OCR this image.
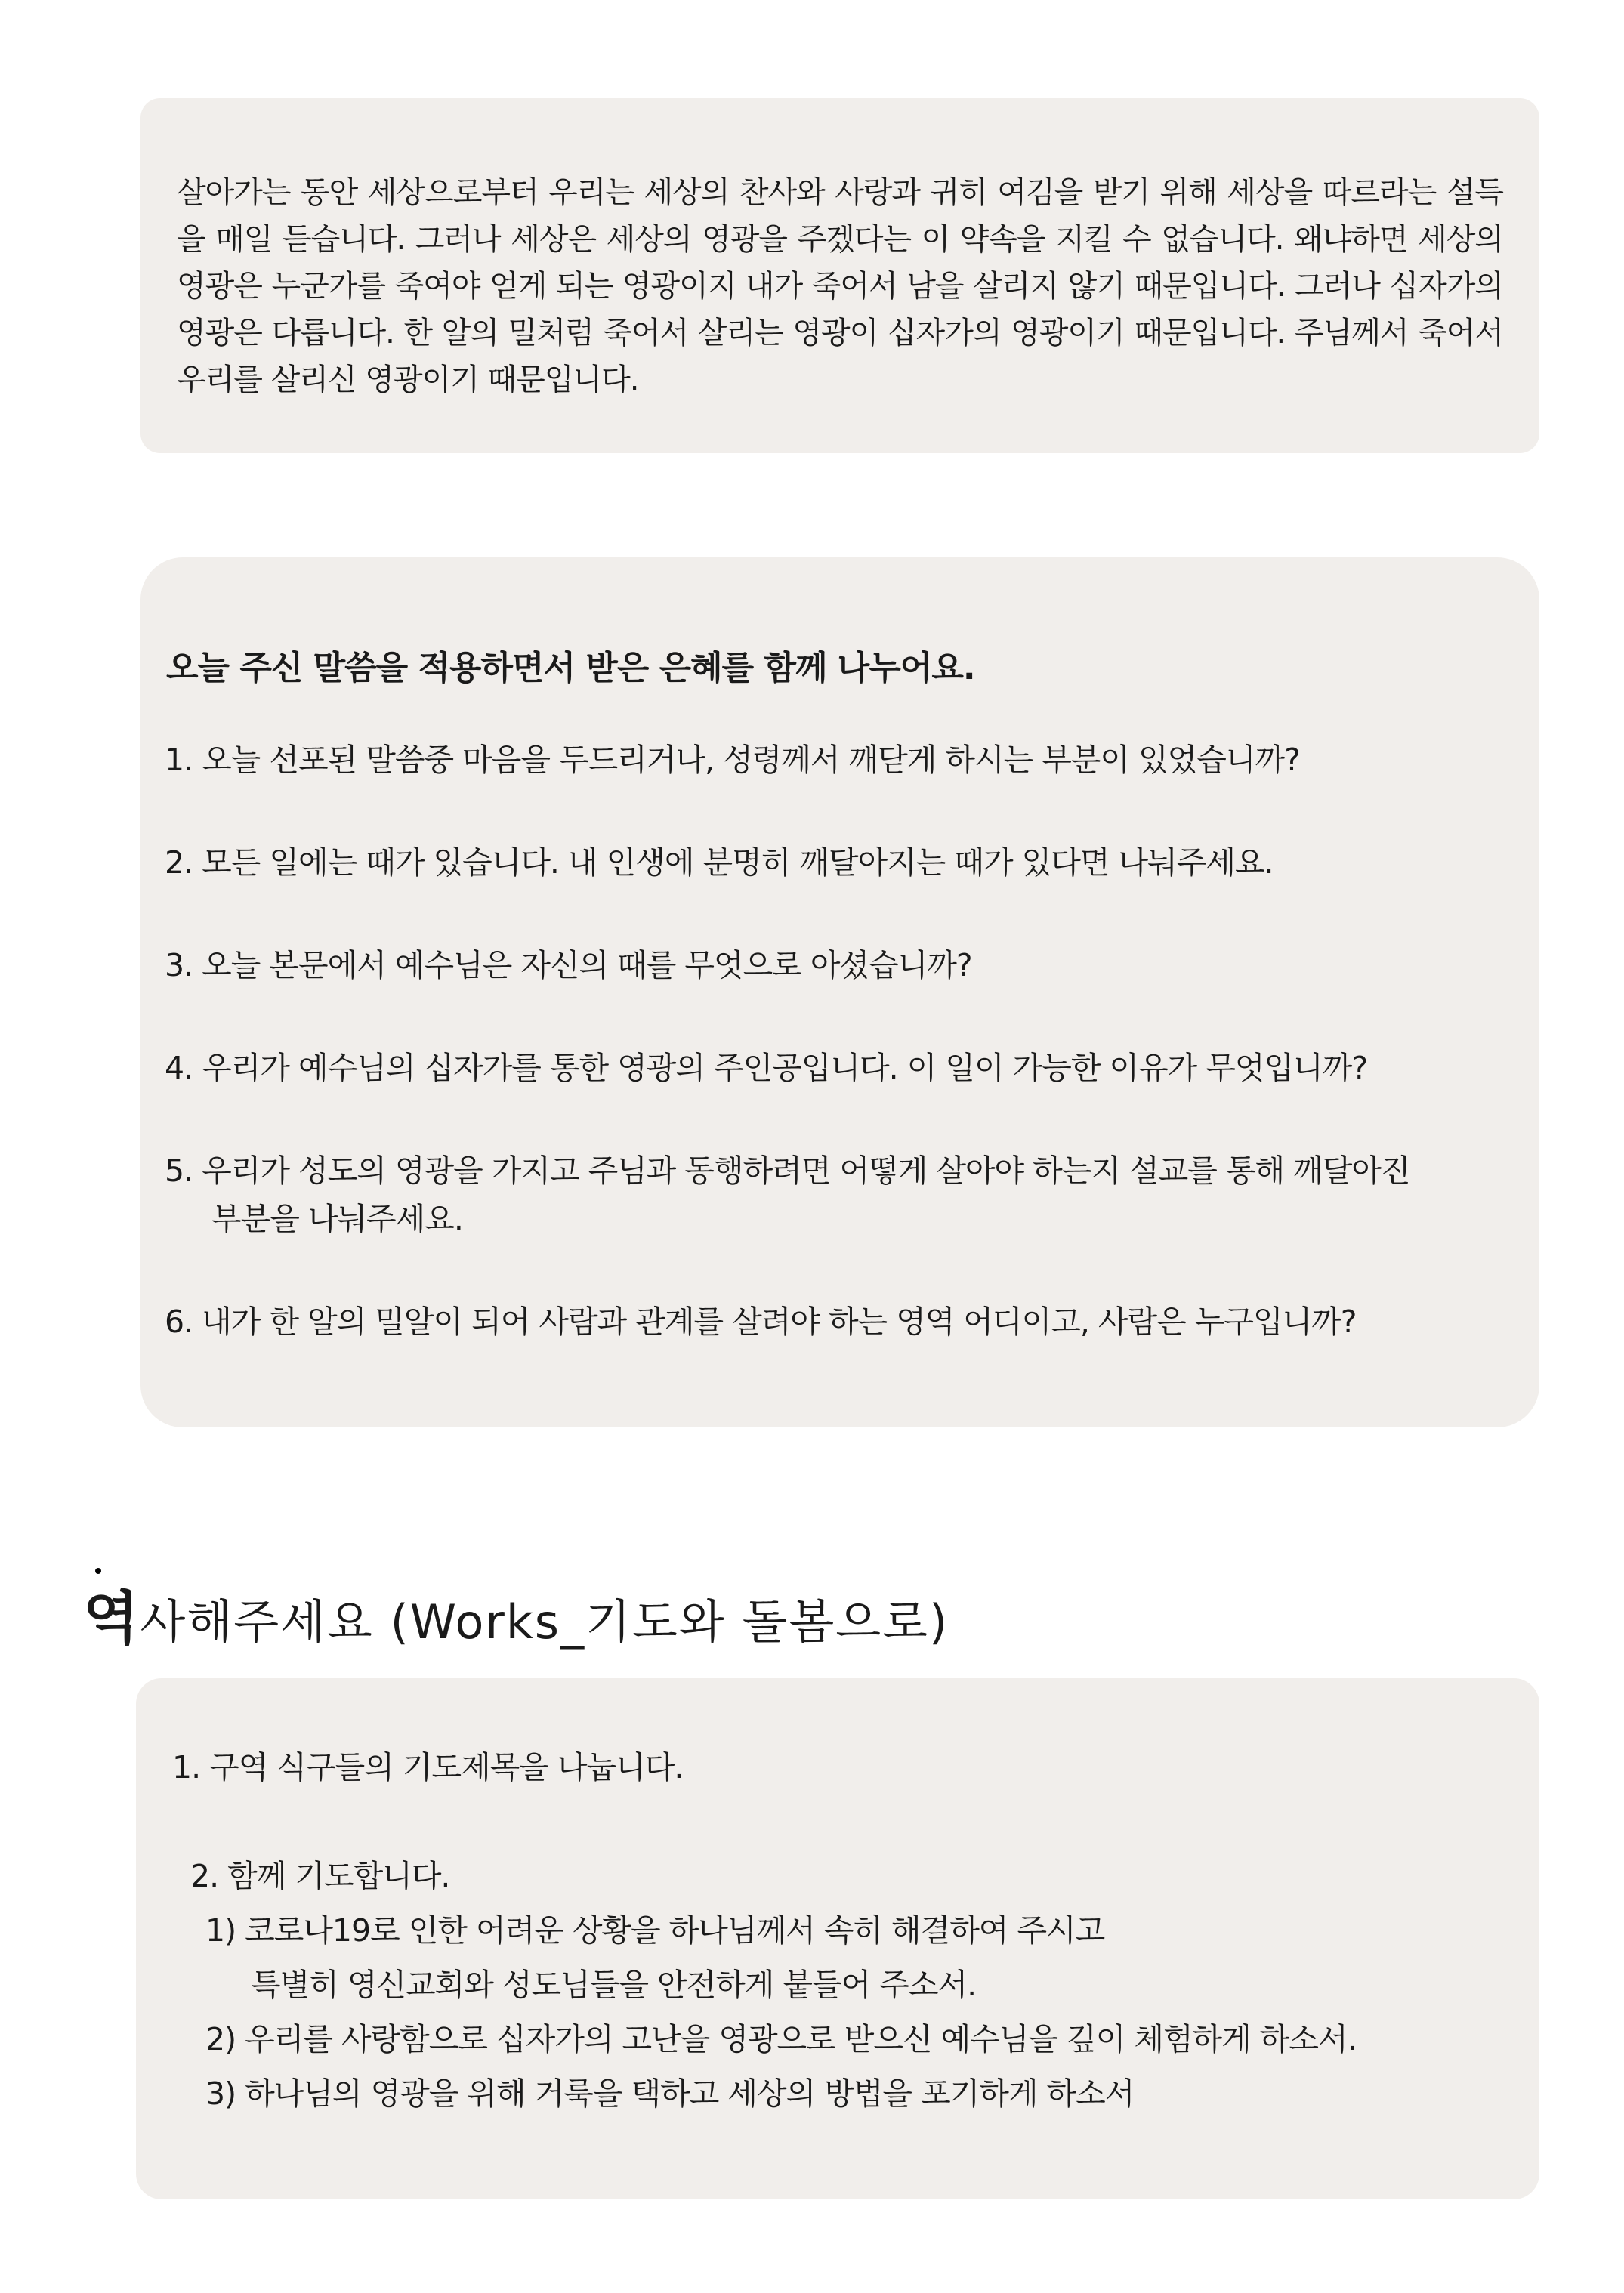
살아가는 동안 세상으로부터 우리는 세상의 찬사와 사랑과 귀히 여김을 받기 위해 세상을 따르라는 설득을 매일 듣습니다. 그러나 세상은 세상의 영광을 주겠다는 이 약속을 지킬 수 없습니다. 왜냐하면 세상의 영광은 누군가를 죽여야 얻게 되는 영광이지 내가 죽어서 남을 살리지 않기 때문입니다. 그러나 십자가의 영광은 다릅니다. 한 알의 밀처럼 죽어서 살리는 영광이 십자가의 영광이기 때문입니다. 주님께서 죽어서 우리를 살리신 영광이기 때문입니다.

오늘 주신 말씀을 적용하면서 받은 은혜를 함께 나누어요.

1. 오늘 선포된 말씀중 마음을 두드리거나, 성령께서 깨닫게 하시는 부분이 있었습니까?

2. 모든 일에는 때가 있습니다. 내 인생에 분명히 깨달아지는 때가 있다면 나눠주세요.

3. 오늘 본문에서 예수님은 자신의 때를 무엇으로 아셨습니까?

4. 우리가 예수님의 십자가를 통한 영광의 주인공입니다. 이 일이 가능한 이유가 무엇입니까?

5. 우리가 성도의 영광을 가지고 주님과 동행하려면 어떻게 살아야 하는지 설교를 통해 깨달아진
부분을 나눠주세요.

6. 내가 한 알의 밀알이 되어 사람과 관계를 살려야 하는 영역 어디이고, 사람은 누구입니까?

역사해주세요 (Works_기도와 돌봄으로)

1. 구역 식구들의 기도제목을 나눕니다.

2. 함께 기도합니다.

1) 코로나19로 인한 어려운 상황을 하나님께서 속히 해결하여 주시고

특별히 영신교회와 성도님들을 안전하게 붙들어 주소서.

2) 우리를 사랑함으로 십자가의 고난을 영광으로 받으신 예수님을 깊이 체험하게 하소서.

3) 하나님의 영광을 위해 거룩을 택하고 세상의 방법을 포기하게 하소서
